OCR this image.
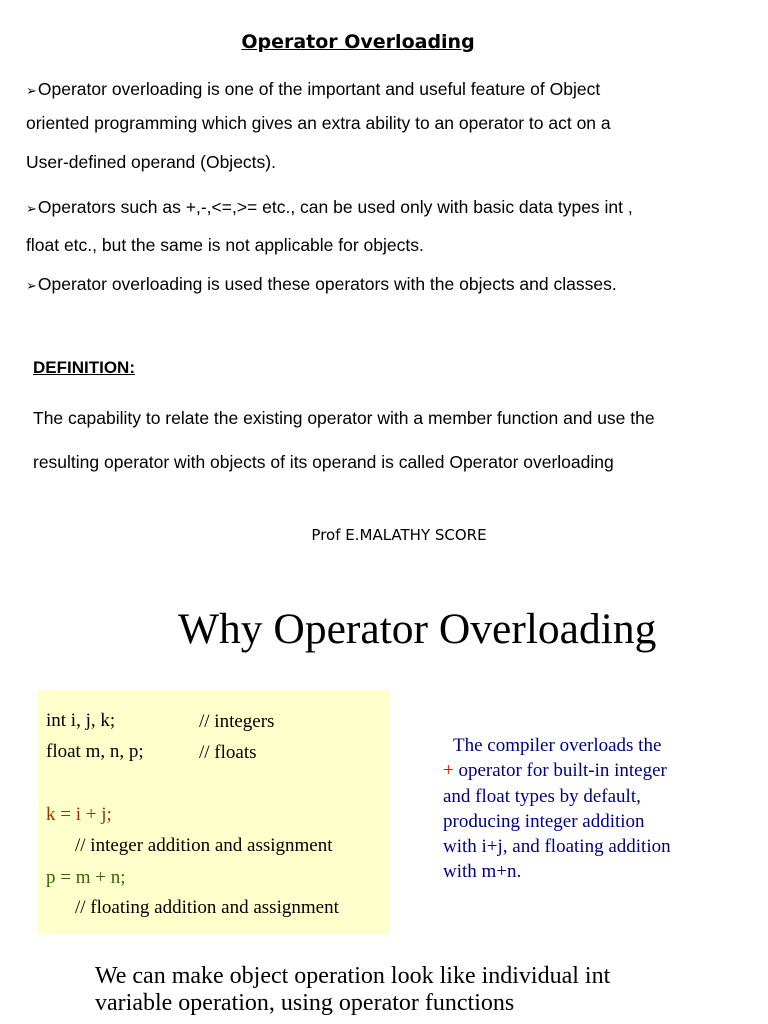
Operator Overloading
➢Operator overloading is one of the important and useful feature of Object
oriented programming which gives an extra ability to an operator to act on a
User-defined operand (Objects).
➢Operators such as +,-,<=,>= etc., can be used only with basic data types int ,
float etc., but the same is not applicable for objects.
➢Operator overloading is used these operators with the objects and classes.
DEFINITION:
The capability to relate the existing operator with a member function and use the
resulting operator with objects of its operand is called Operator overloading
Prof E.MALATHY SCORE
Why Operator Overloading
int i, j, k;	// integers
float m, n, p;	// floats
k = i + j;
// integer addition and assignment
p = m + n;
// floating addition and assignment
The compiler overloads the
+ operator for built-in integer
and float types by default,
producing integer addition
with i+j, and floating addition
with m+n.
We can make object operation look like individual int
variable operation, using operator functions
